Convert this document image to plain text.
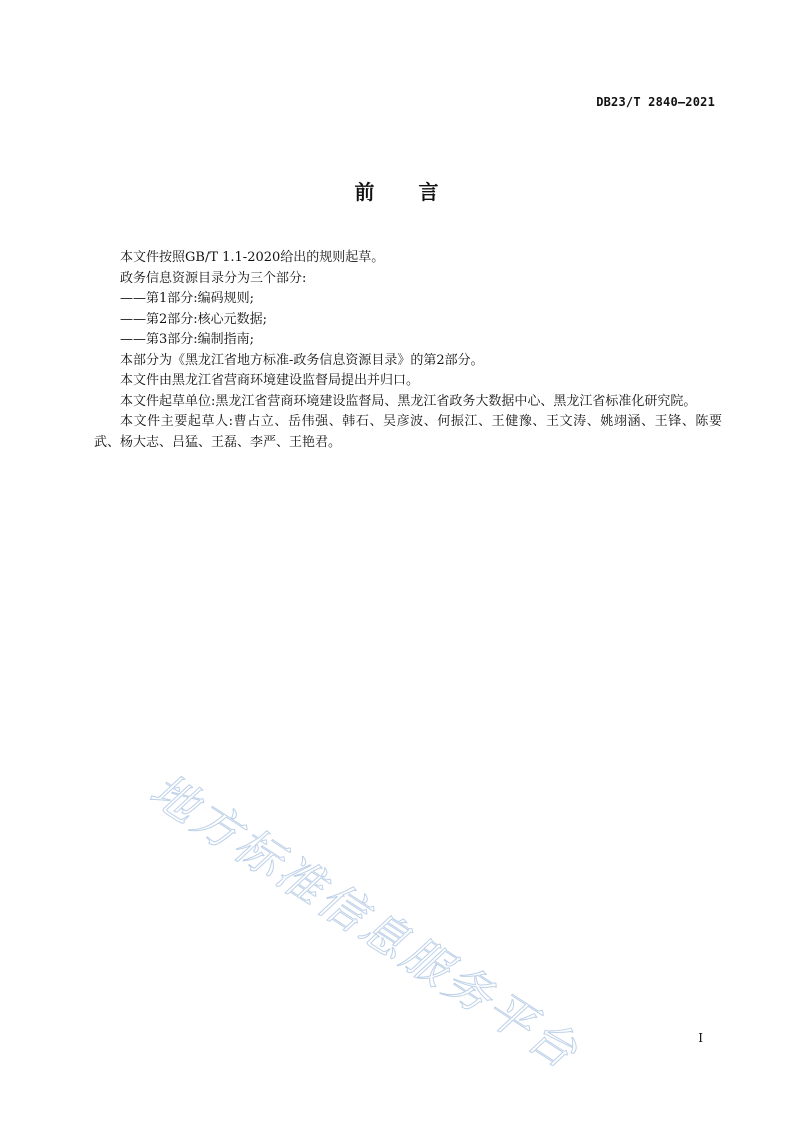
DB23/T 2840—2021
前言

本文件按照GB/T 1.1-2020给出的规则起草。

政务信息资源目录分为三个部分:

——第1部分:编码规则;

——第2部分:核心元数据;

——第3部分:编制指南;

本部分为《黑龙江省地方标准-政务信息资源目录》的第2部分。

本文件由黑龙江省营商环境建设监督局提出并归口。

本文件起草单位:黑龙江省营商环境建设监督局、黑龙江省政务大数据中心、黑龙江省标准化研究院。

本文件主要起草人:曹占立、岳伟强、韩石、吴彦波、何振江、王健豫、王文涛、姚翊涵、王锋、陈要武、杨大志、吕猛、王磊、李严、王艳君。

地方标准信息服务平台	I
